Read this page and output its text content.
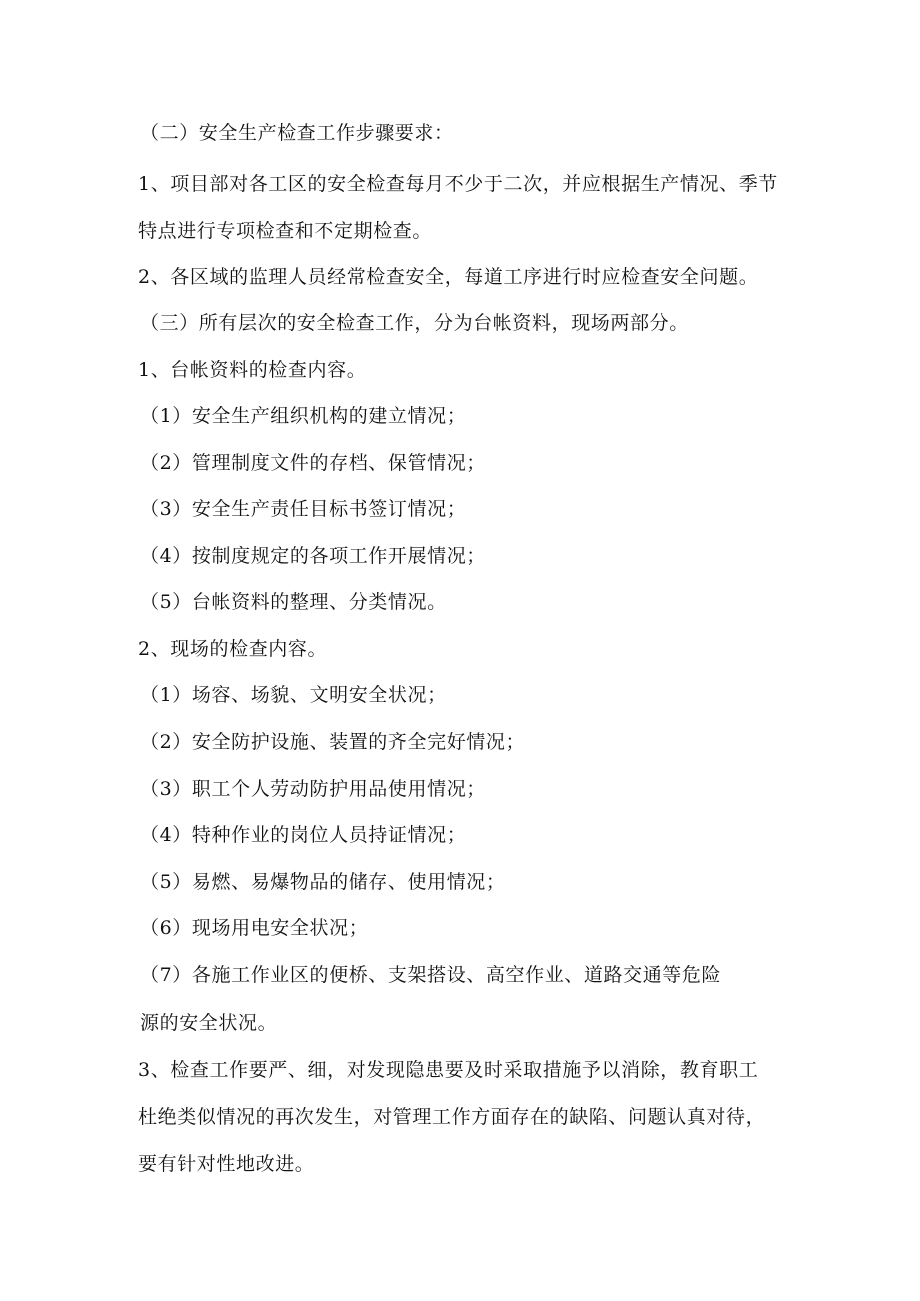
（二）安全生产检查工作步骤要求：
1、项目部对各工区的安全检查每月不少于二次，并应根据生产情况、季节
特点进行专项检查和不定期检查。
2、各区域的监理人员经常检查安全，每道工序进行时应检查安全问题。
（三）所有层次的安全检查工作，分为台帐资料，现场两部分。
1、台帐资料的检查内容。
（1）安全生产组织机构的建立情况；
（2）管理制度文件的存档、保管情况；
（3）安全生产责任目标书签订情况；
（4）按制度规定的各项工作开展情况；
（5）台帐资料的整理、分类情况。
2、现场的检查内容。
（1）场容、场貌、文明安全状况；
（2）安全防护设施、装置的齐全完好情况；
（3）职工个人劳动防护用品使用情况；
（4）特种作业的岗位人员持证情况；
（5）易燃、易爆物品的储存、使用情况；
（6）现场用电安全状况；
（7）各施工作业区的便桥、支架搭设、高空作业、道路交通等危险
源的安全状况。
3、检查工作要严、细，对发现隐患要及时采取措施予以消除，教育职工
杜绝类似情况的再次发生，对管理工作方面存在的缺陷、问题认真对待，
要有针对性地改进。
